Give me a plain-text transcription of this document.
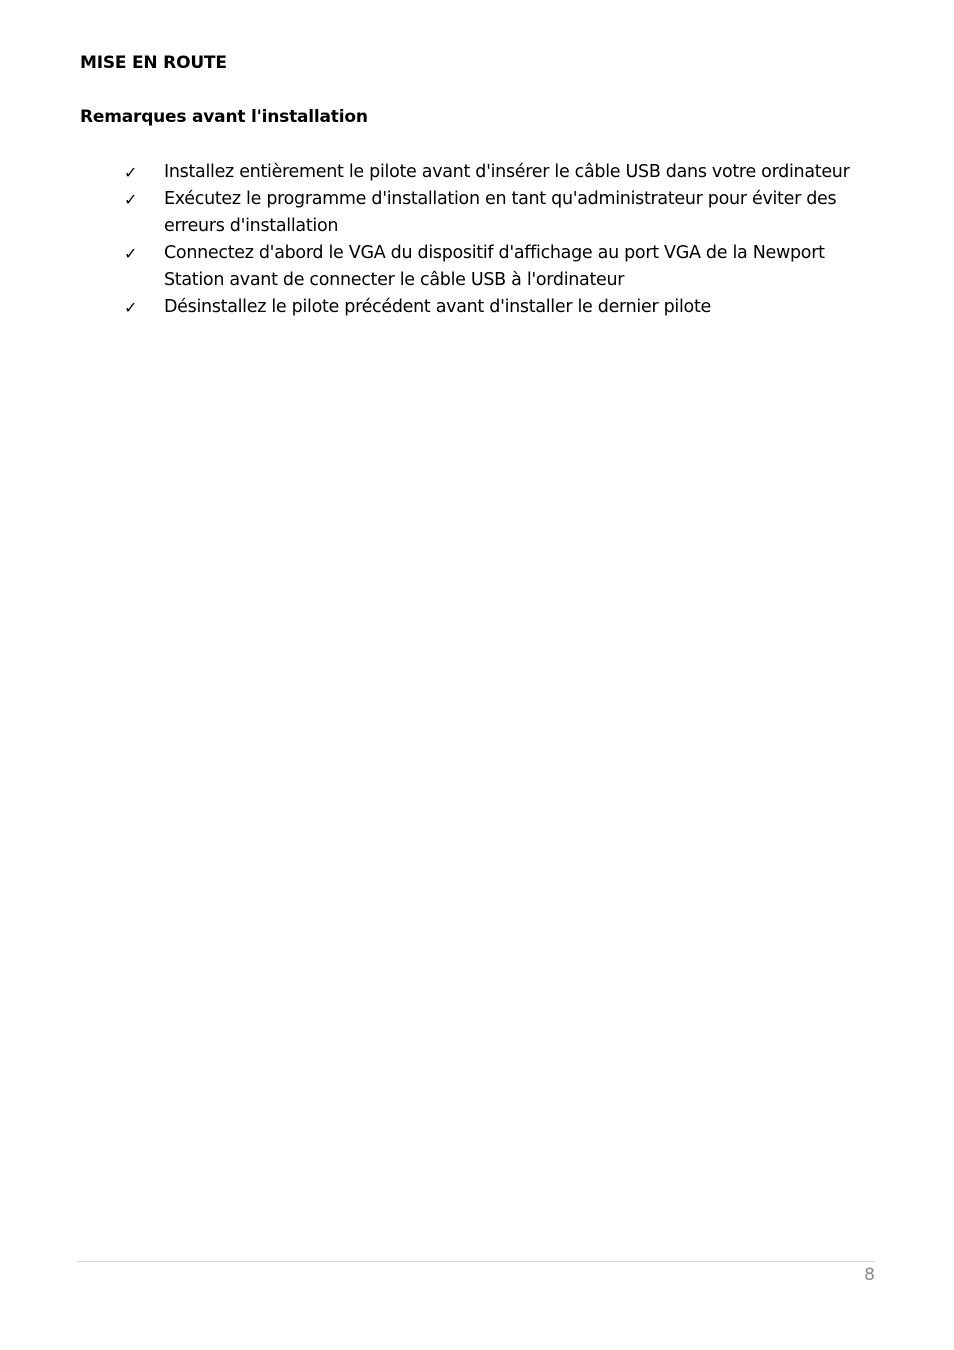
MISE EN ROUTE
Remarques avant l'installation
✓ Installez entièrement le pilote avant d'insérer le câble USB dans votre ordinateur
✓ Exécutez le programme d'installation en tant qu'administrateur pour éviter des erreurs d'installation
✓ Connectez d'abord le VGA du dispositif d'affichage au port VGA de la Newport Station avant de connecter le câble USB à l'ordinateur
✓ Désinstallez le pilote précédent avant d'installer le dernier pilote
8
